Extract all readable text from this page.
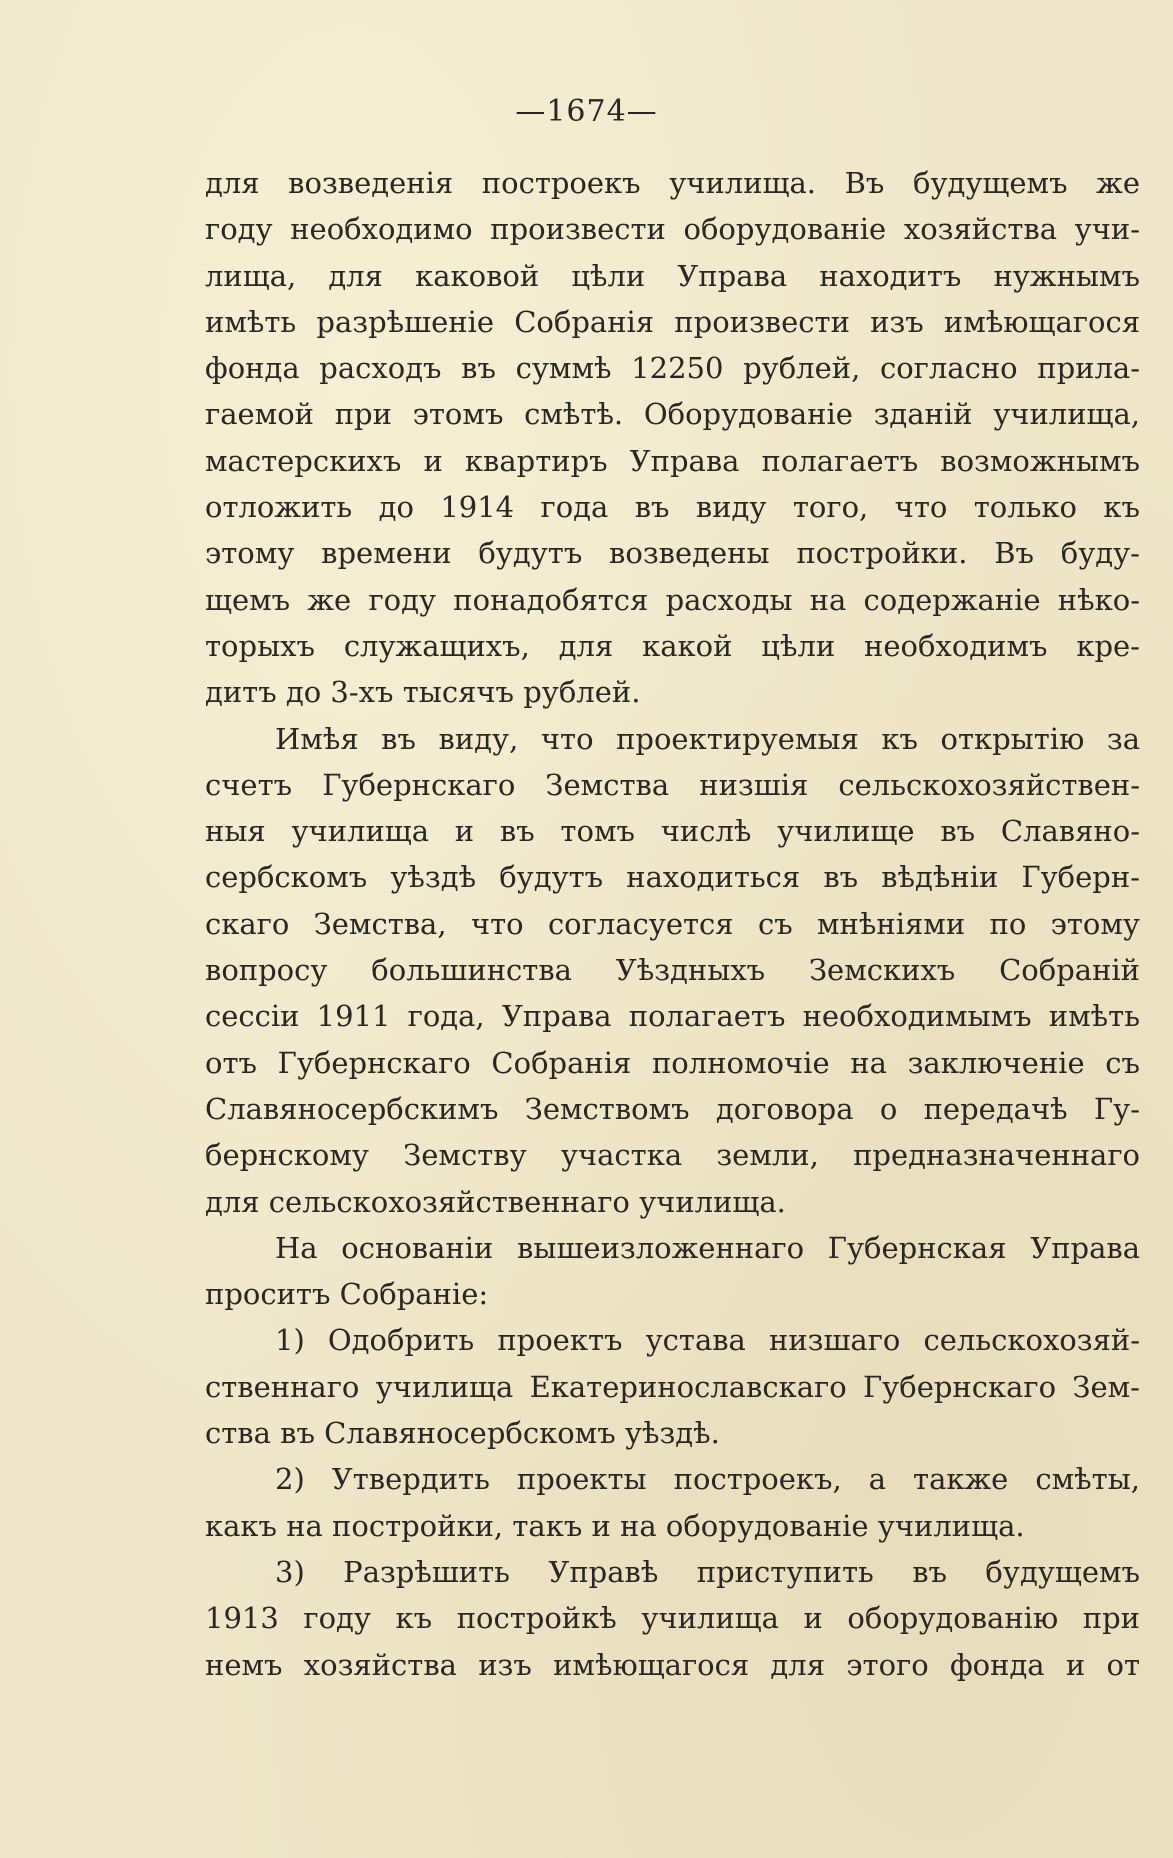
—1674—

для возведенія построекъ училища. Въ будущемъ же

году необходимо произвести оборудованіе хозяйства учи-

лища, для каковой цѣли Управа находитъ нужнымъ

имѣть разрѣшеніе Собранія произвести изъ имѣющагося

фонда расходъ въ суммѣ 12250 рублей, согласно прила-

гаемой при этомъ смѣтѣ. Оборудованіе зданій училища,

мастерскихъ и квартиръ Управа полагаетъ возможнымъ

отложить до 1914 года въ виду того, что только къ

этому времени будутъ возведены постройки. Въ буду-

щемъ же году понадобятся расходы на содержаніе нѣко-

торыхъ служащихъ, для какой цѣли необходимъ кре-

дитъ до 3-хъ тысячъ рублей.

Имѣя въ виду, что проектируемыя къ открытію за

счетъ Губернскаго Земства низшія сельскохозяйствен-

ныя училища и въ томъ числѣ училище въ Славяно-

сербскомъ уѣздѣ будутъ находиться въ вѣдѣніи Губерн-

скаго Земства, что согласуется съ мнѣніями по этому

вопросу большинства Уѣздныхъ Земскихъ Собраній

сессіи 1911 года, Управа полагаетъ необходимымъ имѣть

отъ Губернскаго Собранія полномочіе на заключеніе съ

Славяносербскимъ Земствомъ договора о передачѣ Гу-

бернскому Земству участка земли, предназначеннаго

для сельскохозяйственнаго училища.

На основаніи вышеизложеннаго Губернская Управа

проситъ Собраніе:

1) Одобрить проектъ устава низшаго сельскохозяй-

ственнаго училища Екатеринославскаго Губернскаго Зем-

ства въ Славяносербскомъ уѣздѣ.

2) Утвердить проекты построекъ, а также смѣты,

какъ на постройки, такъ и на оборудованіе училища.

3) Разрѣшить Управѣ приступить въ будущемъ

1913 году къ постройкѣ училища и оборудованію при

немъ хозяйства изъ имѣющагося для этого фонда и от
